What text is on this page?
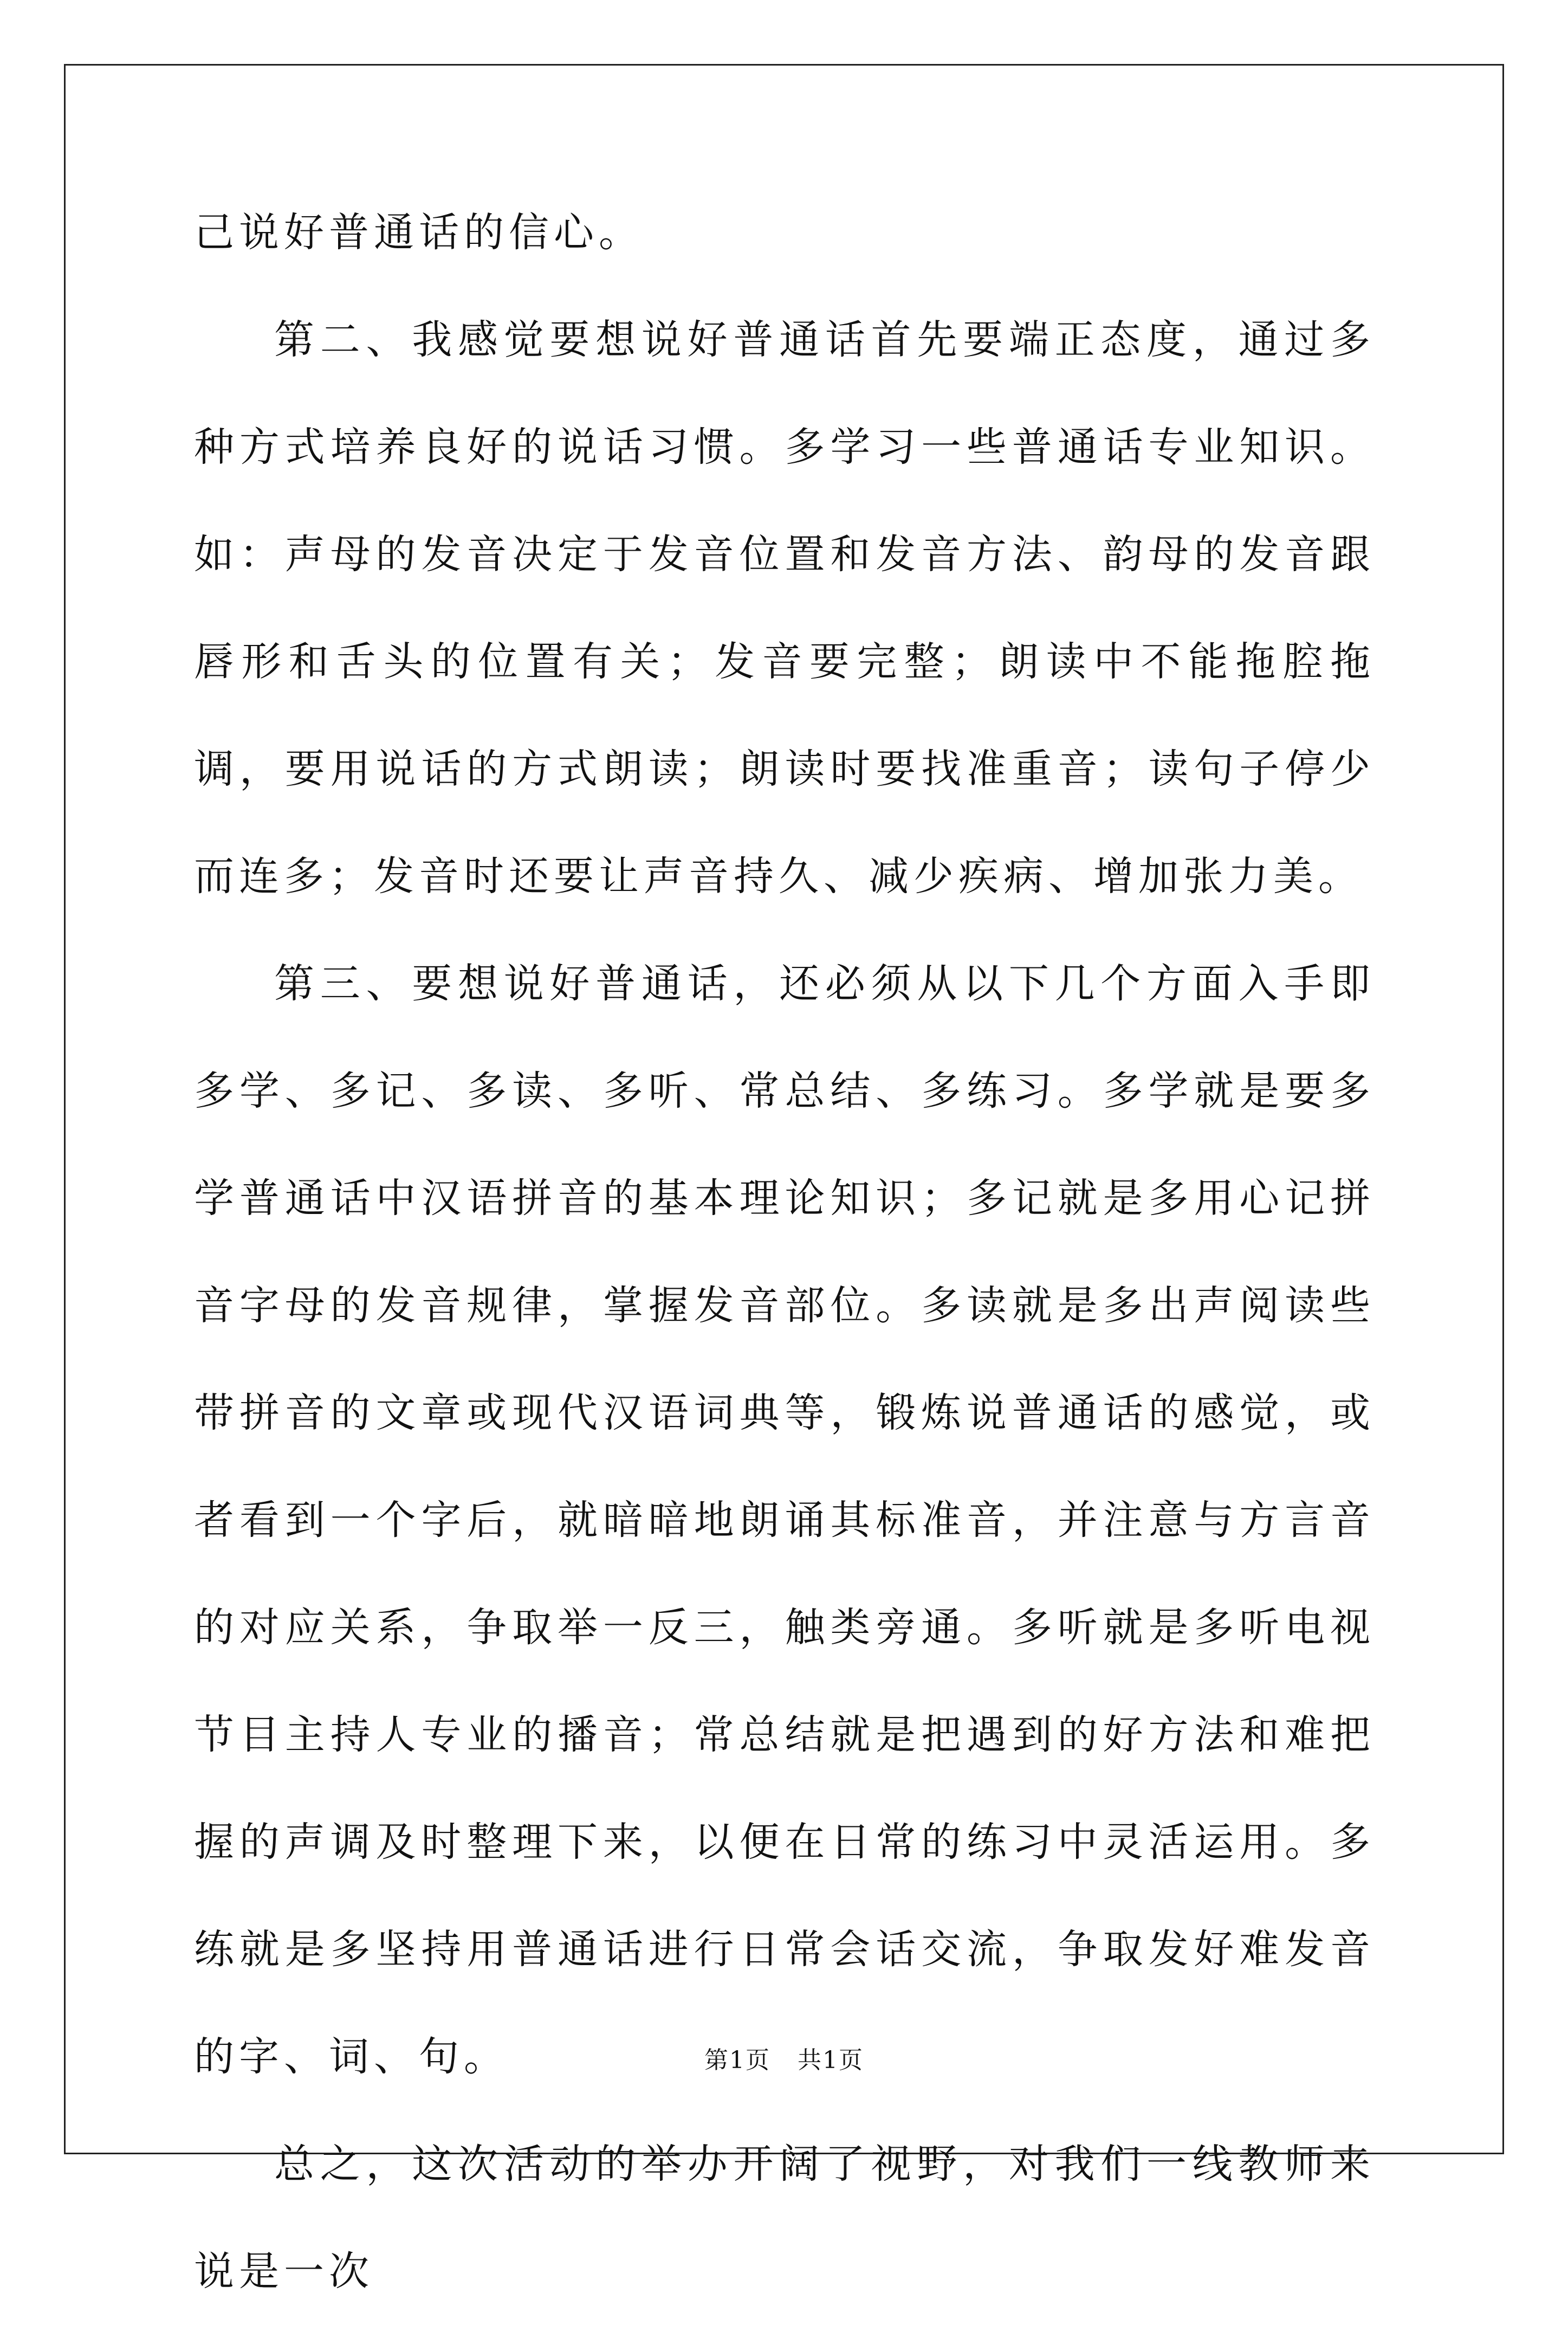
己说好普通话的信心。

第二、我感觉要想说好普通话首先要端正态度，通过多种方式培养良好的说话习惯。多学习一些普通话专业知识。如：声母的发音决定于发音位置和发音方法、韵母的发音跟唇形和舌头的位置有关；发音要完整；朗读中不能拖腔拖调，要用说话的方式朗读；朗读时要找准重音；读句子停少而连多；发音时还要让声音持久、减少疾病、增加张力美。

第三、要想说好普通话，还必须从以下几个方面入手即多学、多记、多读、多听、常总结、多练习。多学就是要多学普通话中汉语拼音的基本理论知识；多记就是多用心记拼音字母的发音规律，掌握发音部位。多读就是多出声阅读些带拼音的文章或现代汉语词典等，锻炼说普通话的感觉，或者看到一个字后，就暗暗地朗诵其标准音，并注意与方言音的对应关系，争取举一反三，触类旁通。多听就是多听电视节目主持人专业的播音；常总结就是把遇到的好方法和难把握的声调及时整理下来，以便在日常的练习中灵活运用。多练就是多坚持用普通话进行日常会话交流，争取发好难发音的字、词、句。

总之，这次活动的举办开阔了视野，对我们一线教师来说是一次

第1页 共1页
